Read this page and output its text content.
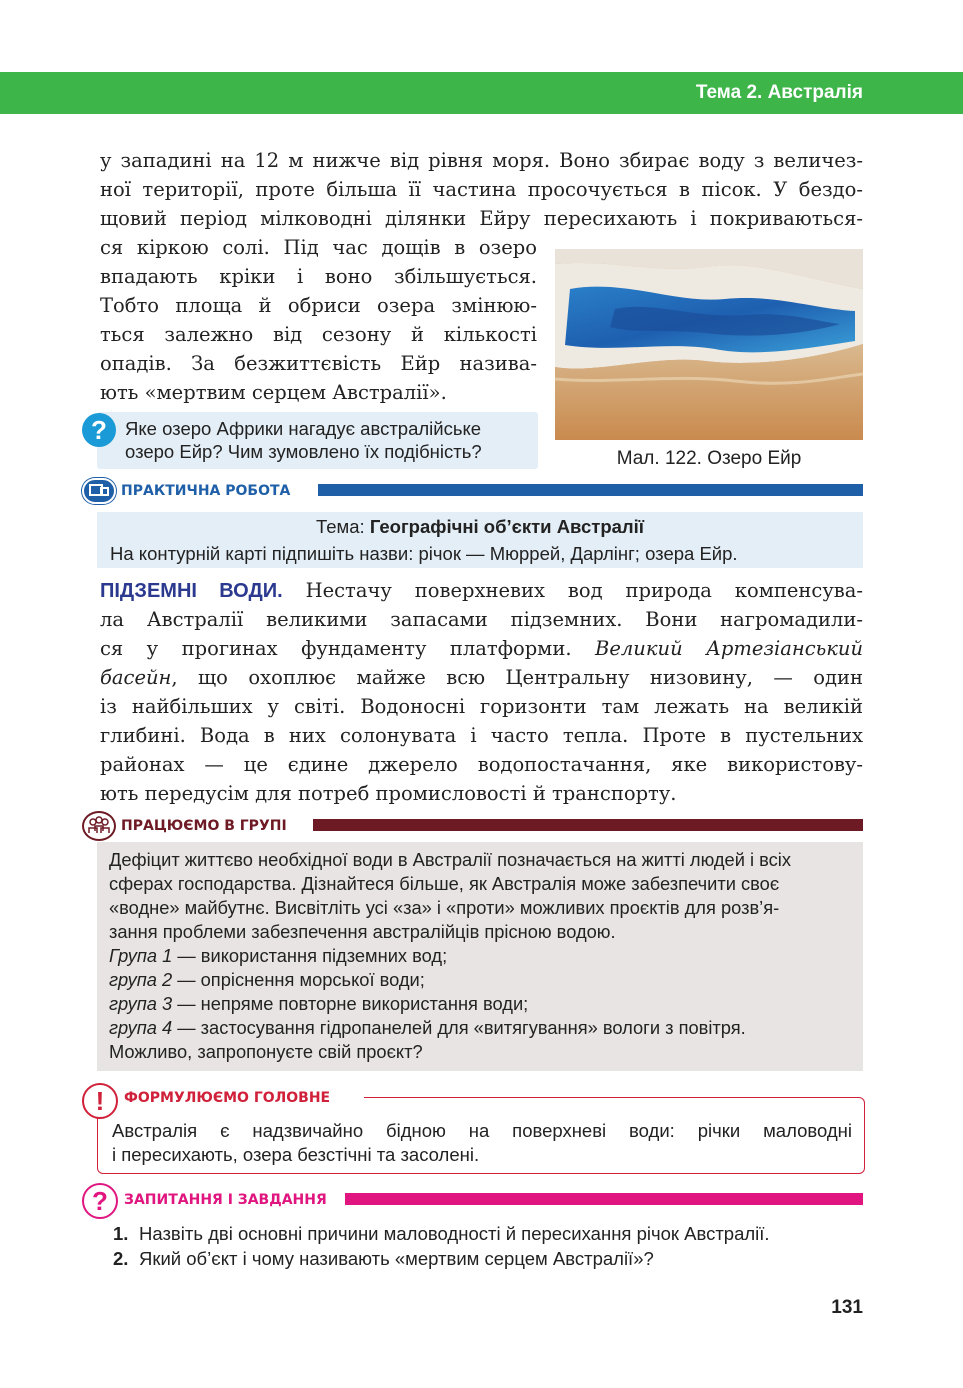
Тема 2. Австралія
у западині на 12 м нижче від рівня моря. Воно збирає воду з величез-
ної території, проте більша її частина просочується в пісок. У бездо-
щовий період мілководні ділянки Ейру пересихають і покриваються-
ся кіркою солі. Під час дощів в озеро
впадають кріки і воно збільшується.
Тобто площа й обриси озера змінюю-
ться залежно від сезону й кількості
опадів. За безжиттєвість Ейр назива-
ють «мертвим серцем Австралії».
Мал. 122. Озеро Ейр
Яке озеро Африки нагадує австралійське
озеро Ейр? Чим зумовлено їх подібність?
?
ПРАКТИЧНА РОБОТА
Тема: Географічні об’єкти Австралії
На контурній карті підпишіть назви: річок — Мюррей, Дарлінг; озера Ейр.
ПІДЗЕМНІ ВОДИ. Нестачу поверхневих вод природа компенсува-
ла Австралії великими запасами підземних. Вони нагромадили-
ся у прогинах фундаменту платформи. Великий Артезіанський
басейн, що охоплює майже всю Центральну низовину, — один
із найбільших у світі. Водоносні горизонти там лежать на великій
глибині. Вода в них солонувата і часто тепла. Проте в пустельних
районах — це єдине джерело водопостачання, яке використову-
ють передусім для потреб промисловості й транспорту.
ПРАЦЮЄМО В ГРУПІ
Дефіцит життєво необхідної води в Австралії позначається на житті людей і всіх
сферах господарства. Дізнайтеся більше, як Австралія може забезпечити своє
«водне» майбутнє. Висвітліть усі «за» і «проти» можливих проєктів для розв’я-
зання проблеми забезпечення австралійців прісною водою.
Група 1 — використання підземних вод;
група 2 — опріснення морської води;
група 3 — непряме повторне використання води;
група 4 — застосування гідропанелей для «витягування» вологи з повітря.
Можливо, запропонуєте свій проєкт?
Австралія є надзвичайно бідною на поверхневі води: річки маловодні
і пересихають, озера безстічні та засолені.
!	ФОРМУЛЮЄМО ГОЛОВНЕ
?	ЗАПИТАННЯ І ЗАВДАННЯ
1. Назвіть дві основні причини маловодності й пересихання річок Австралії.
2. Який об’єкт і чому називають «мертвим серцем Австралії»?
131
